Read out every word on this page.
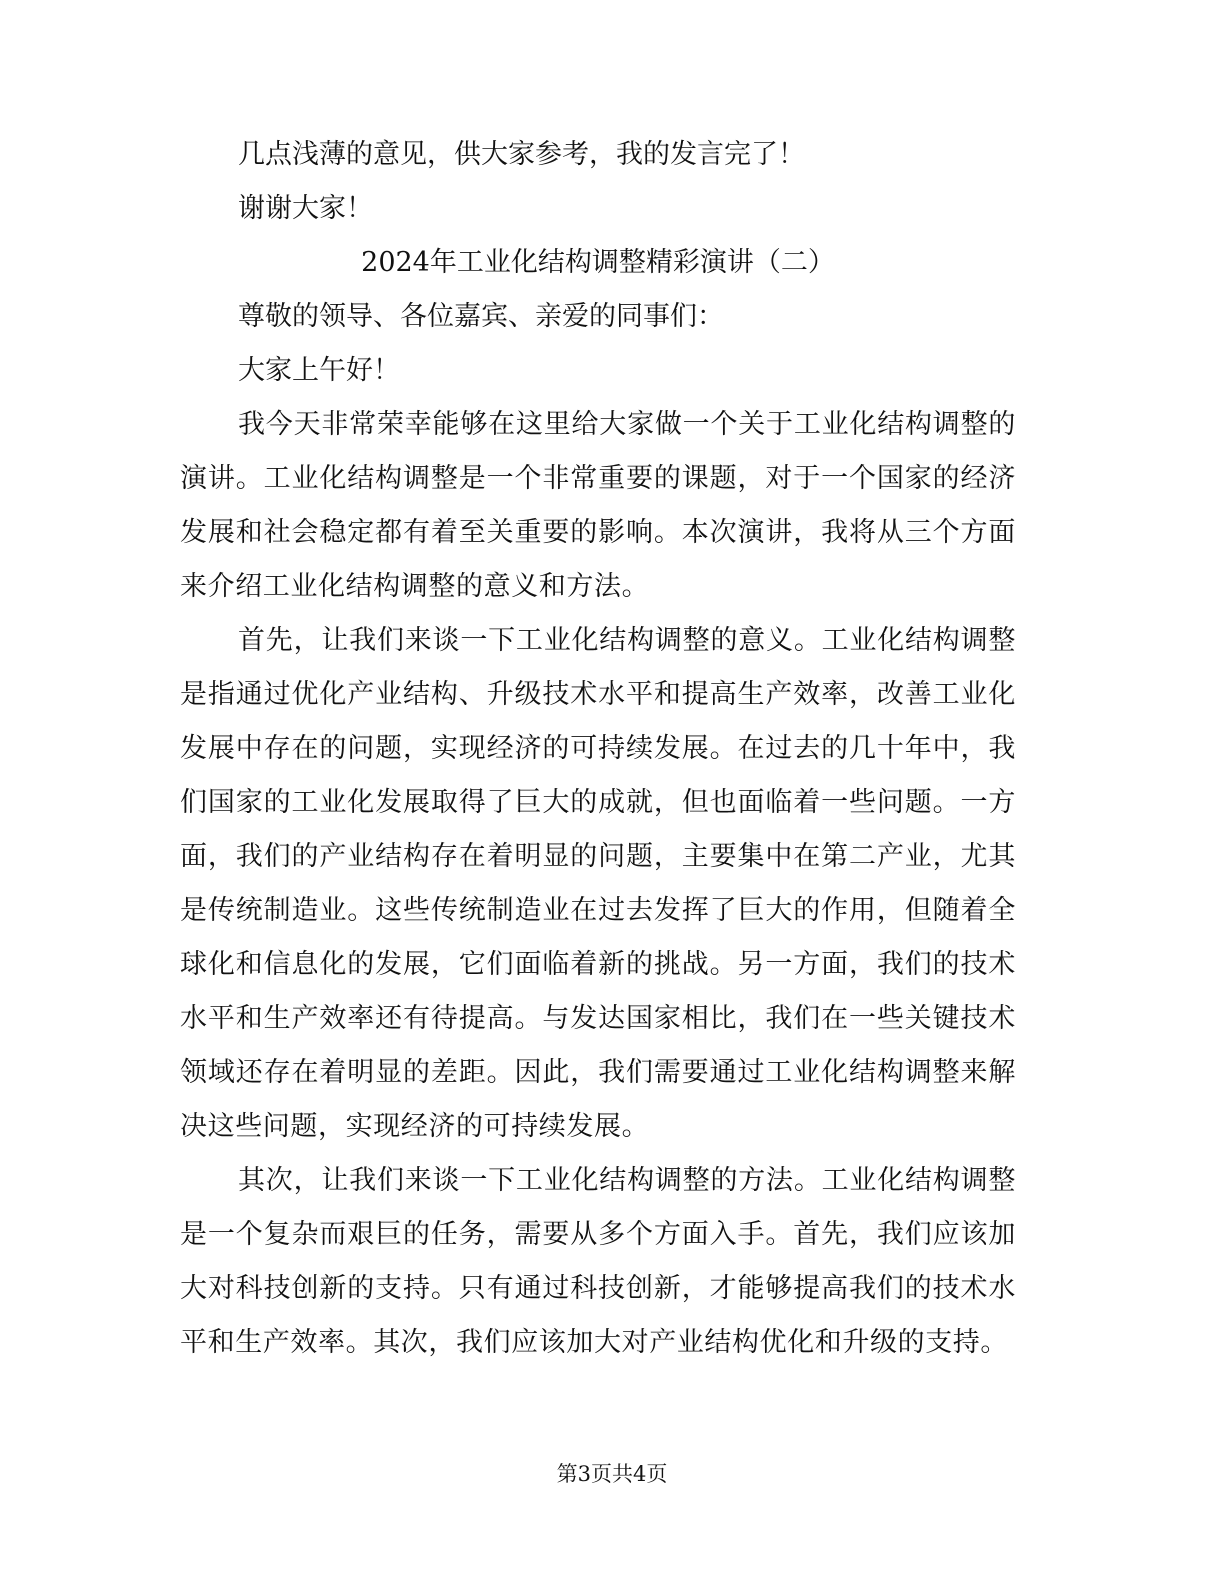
几点浅薄的意见，供大家参考，我的发言完了！

谢谢大家！

2024年工业化结构调整精彩演讲（二）

尊敬的领导、各位嘉宾、亲爱的同事们：

大家上午好！

我今天非常荣幸能够在这里给大家做一个关于工业化结构调整的演讲。工业化结构调整是一个非常重要的课题，对于一个国家的经济发展和社会稳定都有着至关重要的影响。本次演讲，我将从三个方面来介绍工业化结构调整的意义和方法。

首先，让我们来谈一下工业化结构调整的意义。工业化结构调整是指通过优化产业结构、升级技术水平和提高生产效率，改善工业化发展中存在的问题，实现经济的可持续发展。在过去的几十年中，我们国家的工业化发展取得了巨大的成就，但也面临着一些问题。一方面，我们的产业结构存在着明显的问题，主要集中在第二产业，尤其是传统制造业。这些传统制造业在过去发挥了巨大的作用，但随着全球化和信息化的发展，它们面临着新的挑战。另一方面，我们的技术水平和生产效率还有待提高。与发达国家相比，我们在一些关键技术领域还存在着明显的差距。因此，我们需要通过工业化结构调整来解决这些问题，实现经济的可持续发展。

其次，让我们来谈一下工业化结构调整的方法。工业化结构调整是一个复杂而艰巨的任务，需要从多个方面入手。首先，我们应该加大对科技创新的支持。只有通过科技创新，才能够提高我们的技术水平和生产效率。其次，我们应该加大对产业结构优化和升级的支持。

第3页共4页
